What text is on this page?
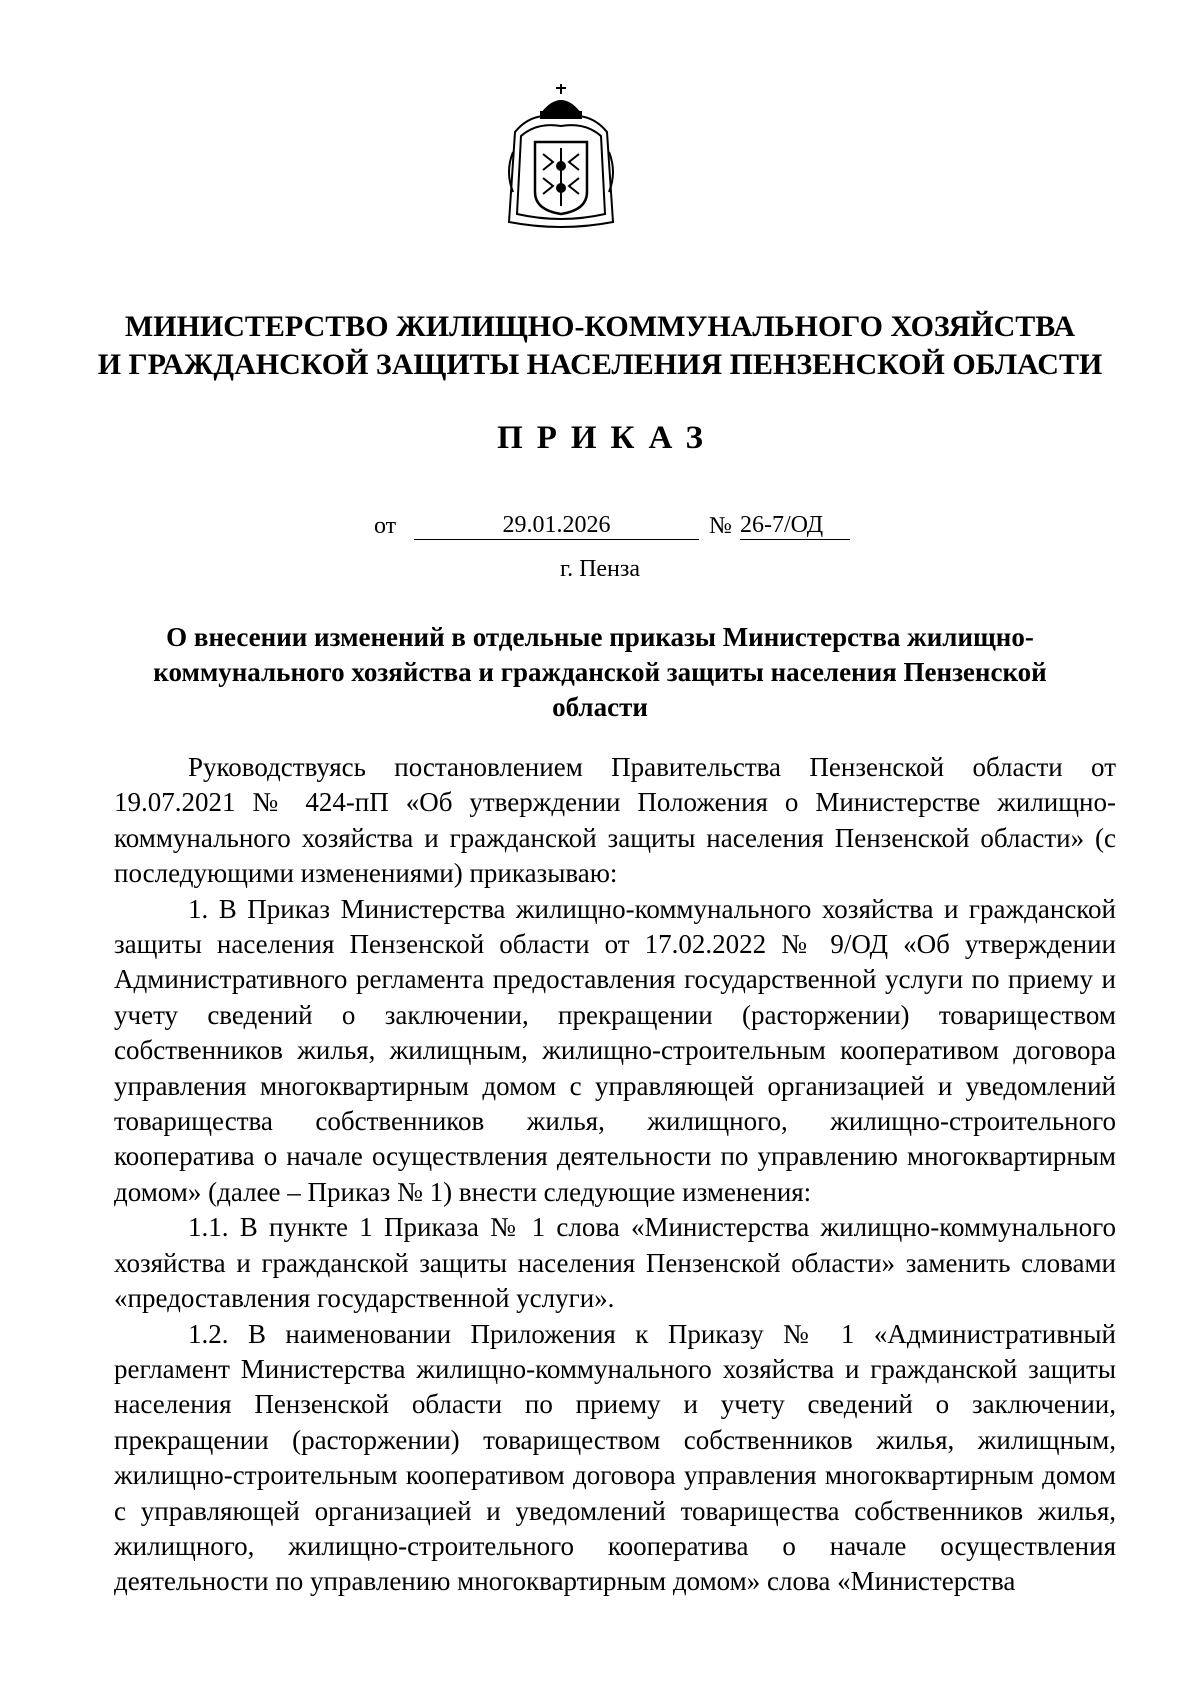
МИНИСТЕРСТВО ЖИЛИЩНО-КОММУНАЛЬНОГО ХОЗЯЙСТВА
И ГРАЖДАНСКОЙ ЗАЩИТЫ НАСЕЛЕНИЯ ПЕНЗЕНСКОЙ ОБЛАСТИ
ПРИКАЗ
от	29.01.2026	№ 26-7/ОД
г. Пенза
О внесении изменений в отдельные приказы Министерства жилищно-
коммунального хозяйства и гражданской защиты населения Пензенской
области

Руководствуясь постановлением Правительства Пензенской области от 19.07.2021 № 424-пП «Об утверждении Положения о Министерстве жилищно-коммунального хозяйства и гражданской защиты населения Пензенской области» (с последующими изменениями) приказываю:

1. В Приказ Министерства жилищно-коммунального хозяйства и гражданской защиты населения Пензенской области от 17.02.2022 № 9/ОД «Об утверждении Административного регламента предоставления государственной услуги по приему и учету сведений о заключении, прекращении (расторжении) товариществом собственников жилья, жилищным, жилищно-строительным кооперативом договора управления многоквартирным домом с управляющей организацией и уведомлений товарищества собственников жилья, жилищного, жилищно-строительного кооператива о начале осуществления деятельности по управлению многоквартирным домом» (далее – Приказ № 1) внести следующие изменения:

1.1. В пункте 1 Приказа № 1 слова «Министерства жилищно-коммунального хозяйства и гражданской защиты населения Пензенской области» заменить словами «предоставления государственной услуги».

1.2. В наименовании Приложения к Приказу № 1 «Административный регламент Министерства жилищно-коммунального хозяйства и гражданской защиты населения Пензенской области по приему и учету сведений о заключении, прекращении (расторжении) товариществом собственников жилья, жилищным, жилищно-строительным кооперативом договора управления многоквартирным домом с управляющей организацией и уведомлений товарищества собственников жилья, жилищного, жилищно-строительного кооператива о начале осуществления деятельности по управлению многоквартирным домом» слова «Министерства
